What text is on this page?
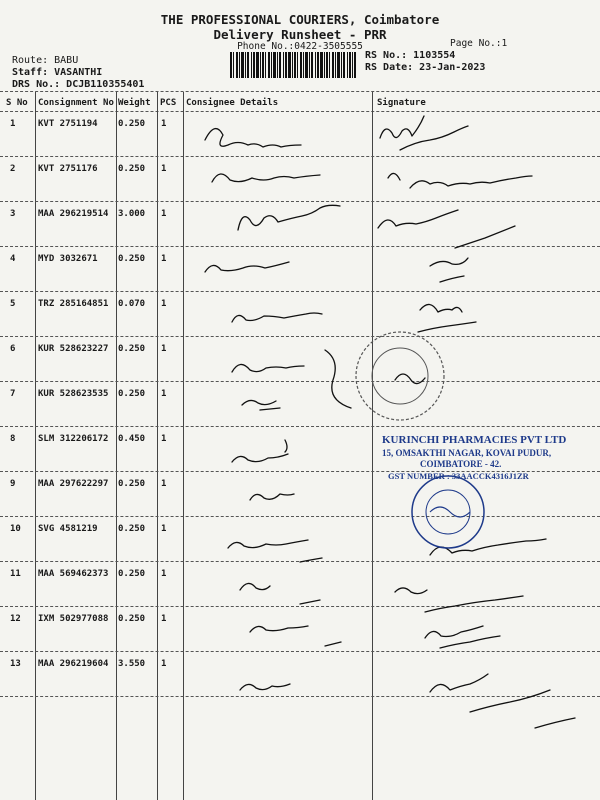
THE PROFESSIONAL COURIERS, Coimbatore
Delivery Runsheet - PRR
Phone No.:0422-3505555	Page No.:1
Route: BABU
Staff: VASANTHI
DRS No.: DCJB110355401
RS No.: 1103554
RS Date: 23-Jan-2023
S No Consignment No Weight PCS Consignee Details	Signature
1	KVT 2751194 0.250 1
2	KVT 2751176 0.250 1
3	MAA 296219514 3.000 1
4	MYD 3032671 0.250 1
5	TRZ 285164851 0.070 1
6	KUR 528623227 0.250 1
7	KUR 528623535 0.250 1
8	SLM 312206172 0.450 1
9	MAA 297622297 0.250 1
10 SVG 4581219 0.250 1
11 MAA 569462373 0.250 1
12 IXM 502977088 0.250 1
13 MAA 296219604 3.550 1
KURINCHI PHARMACIES PVT LTD
15, OMSAKTHI NAGAR, KOVAI PUDUR,
COIMBATORE - 42.
GST NUMBER : 33AACCK4316J1ZR
